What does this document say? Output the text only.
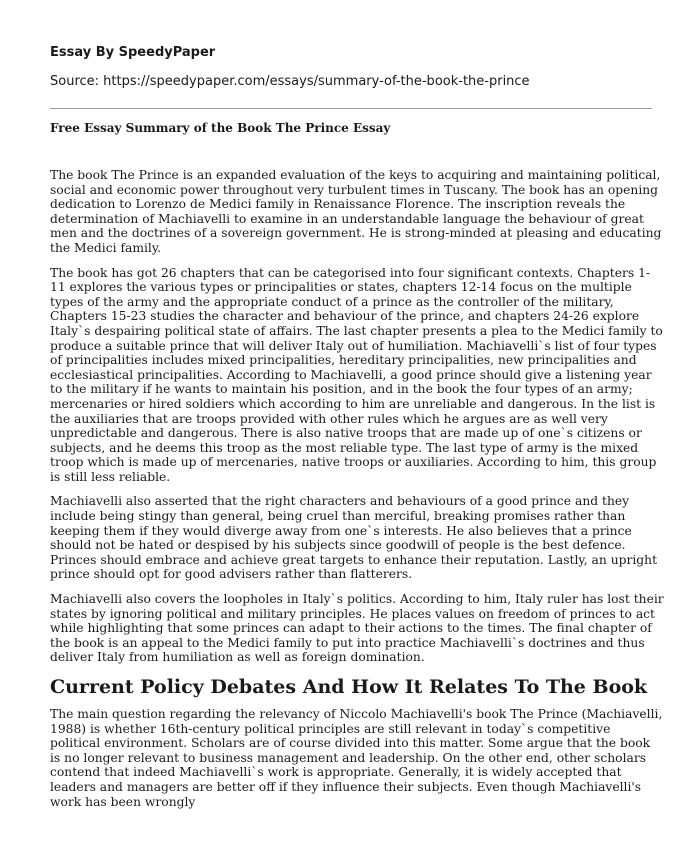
Essay By SpeedyPaper

Source: https://speedypaper.com/essays/summary-of-the-book-the-prince

Free Essay Summary of the Book The Prince Essay

The book The Prince is an expanded evaluation of the keys to acquiring and maintaining political, social and economic power throughout very turbulent times in Tuscany. The book has an opening dedication to Lorenzo de Medici family in Renaissance Florence. The inscription reveals the determination of Machiavelli to examine in an understandable language the behaviour of great men and the doctrines of a sovereign government. He is strong-minded at pleasing and educating the Medici family.

The book has got 26 chapters that can be categorised into four significant contexts. Chapters 1-11 explores the various types or principalities or states, chapters 12-14 focus on the multiple types of the army and the appropriate conduct of a prince as the controller of the military, Chapters 15-23 studies the character and behaviour of the prince, and chapters 24-26 explore Italy`s despairing political state of affairs. The last chapter presents a plea to the Medici family to produce a suitable prince that will deliver Italy out of humiliation. Machiavelli`s list of four types of principalities includes mixed principalities, hereditary principalities, new principalities and ecclesiastical principalities. According to Machiavelli, a good prince should give a listening year to the military if he wants to maintain his position, and in the book the four types of an army; mercenaries or hired soldiers which according to him are unreliable and dangerous. In the list is the auxiliaries that are troops provided with other rules which he argues are as well very unpredictable and dangerous. There is also native troops that are made up of one`s citizens or subjects, and he deems this troop as the most reliable type. The last type of army is the mixed troop which is made up of mercenaries, native troops or auxiliaries. According to him, this group is still less reliable.

Machiavelli also asserted that the right characters and behaviours of a good prince and they include being stingy than general, being cruel than merciful, breaking promises rather than keeping them if they would diverge away from one`s interests. He also believes that a prince should not be hated or despised by his subjects since goodwill of people is the best defence. Princes should embrace and achieve great targets to enhance their reputation. Lastly, an upright prince should opt for good advisers rather than flatterers.

Machiavelli also covers the loopholes in Italy`s politics. According to him, Italy ruler has lost their states by ignoring political and military principles. He places values on freedom of princes to act while highlighting that some princes can adapt to their actions to the times. The final chapter of the book is an appeal to the Medici family to put into practice Machiavelli`s doctrines and thus deliver Italy from humiliation as well as foreign domination.

Current Policy Debates And How It Relates To The Book

The main question regarding the relevancy of Niccolo Machiavelli's book The Prince (Machiavelli, 1988) is whether 16th-century political principles are still relevant in today`s competitive political environment. Scholars are of course divided into this matter. Some argue that the book is no longer relevant to business management and leadership. On the other end, other scholars contend that indeed Machiavelli`s work is appropriate. Generally, it is widely accepted that leaders and managers are better off if they influence their subjects. Even though Machiavelli's work has been wrongly
